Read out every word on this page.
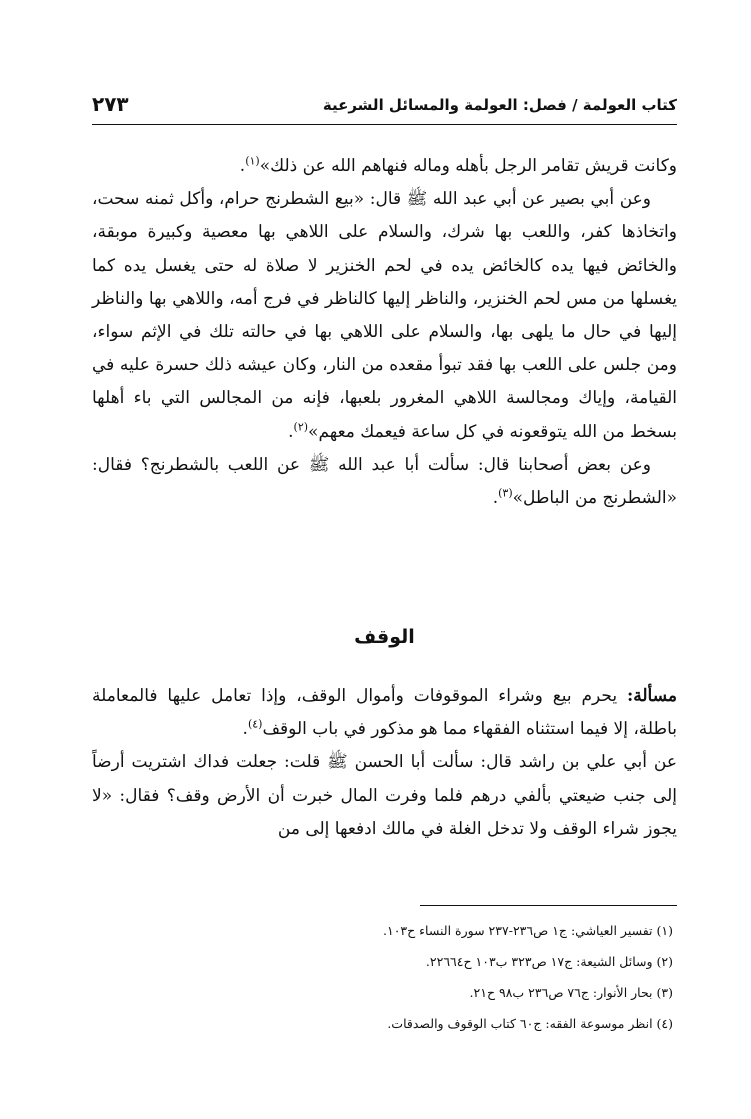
كتاب العولمة / فصل: العولمة والمسائل الشرعية
٢٧٣

وكانت قريش تقامر الرجل بأهله وماله فنهاهم الله عن ذلك»$^{(١)}$.

وعن أبي بصير عن أبي عبد الله ﷺ قال: «بيع الشطرنج حرام، وأكل ثمنه سحت، واتخاذها كفر، واللعب بها شرك، والسلام على اللاهي بها معصية وكبيرة موبقة، والخائض فيها يده كالخائض يده في لحم الخنزير لا صلاة له حتى يغسل يده كما يغسلها من مس لحم الخنزير، والناظر إليها كالناظر في فرج أمه، واللاهي بها والناظر إليها في حال ما يلهى بها، والسلام على اللاهي بها في حالته تلك في الإثم سواء، ومن جلس على اللعب بها فقد تبوأ مقعده من النار، وكان عيشه ذلك حسرة عليه في القيامة، وإياك ومجالسة اللاهي المغرور بلعبها، فإنه من المجالس التي باء أهلها بسخط من الله يتوقعونه في كل ساعة فيعمك معهم»$^{(٢)}$.

وعن بعض أصحابنا قال: سألت أبا عبد الله ﷺ عن اللعب بالشطرنج؟ فقال: «الشطرنج من الباطل»$^{(٣)}$.

الوقف

مسألة: يحرم بيع وشراء الموقوفات وأموال الوقف، وإذا تعامل عليها فالمعاملة باطلة، إلا فيما استثناه الفقهاء مما هو مذكور في باب الوقف$^{(٤)}$.

عن أبي علي بن راشد قال: سألت أبا الحسن ﷺ قلت: جعلت فداك اشتريت أرضاً إلى جنب ضيعتي بألفي درهم فلما وفرت المال خبرت أن الأرض وقف؟ فقال: «لا يجوز شراء الوقف ولا تدخل الغلة في مالك ادفعها إلى من

(١) تفسير العياشي: ج١ ص٢٣٦-٢٣٧ سورة النساء ح١٠٣.
(٢) وسائل الشيعة: ج١٧ ص٣٢٣ ب١٠٣ ح٢٢٦٦٤.
(٣) بحار الأنوار: ج٧٦ ص٢٣٦ ب٩٨ ح٢١.
(٤) انظر موسوعة الفقه: ج٦٠ كتاب الوقوف والصدقات.
